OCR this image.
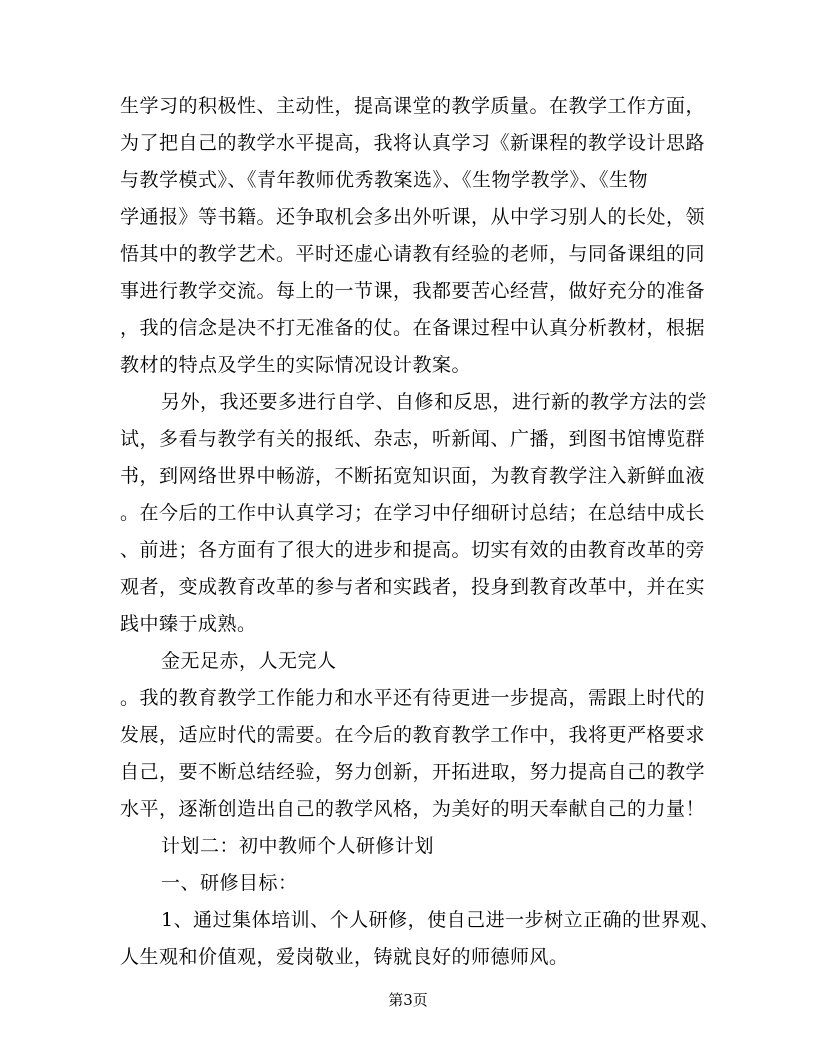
生学习的积极性、主动性，提高课堂的教学质量。在教学工作方面，
为了把自己的教学水平提高，我将认真学习《新课程的教学设计思路
与教学模式》、《青年教师优秀教案选》、《生物学教学》、《生物
学通报》等书籍。还争取机会多出外听课，从中学习别人的长处，领
悟其中的教学艺术。平时还虚心请教有经验的老师，与同备课组的同
事进行教学交流。每上的一节课，我都要苦心经营，做好充分的准备
，我的信念是决不打无准备的仗。在备课过程中认真分析教材，根据
教材的特点及学生的实际情况设计教案。
另外，我还要多进行自学、自修和反思，进行新的教学方法的尝
试，多看与教学有关的报纸、杂志，听新闻、广播，到图书馆博览群
书，到网络世界中畅游，不断拓宽知识面，为教育教学注入新鲜血液
。在今后的工作中认真学习；在学习中仔细研讨总结；在总结中成长
、前进；各方面有了很大的进步和提高。切实有效的由教育改革的旁
观者，变成教育改革的参与者和实践者，投身到教育改革中，并在实
践中臻于成熟。
金无足赤，人无完人
。我的教育教学工作能力和水平还有待更进一步提高，需跟上时代的
发展，适应时代的需要。在今后的教育教学工作中，我将更严格要求
自己，要不断总结经验，努力创新，开拓进取，努力提高自己的教学
水平，逐渐创造出自己的教学风格，为美好的明天奉献自己的力量！
计划二：初中教师个人研修计划
一、研修目标：
1、通过集体培训、个人研修，使自己进一步树立正确的世界观、
人生观和价值观，爱岗敬业，铸就良好的师德师风。
第3页
